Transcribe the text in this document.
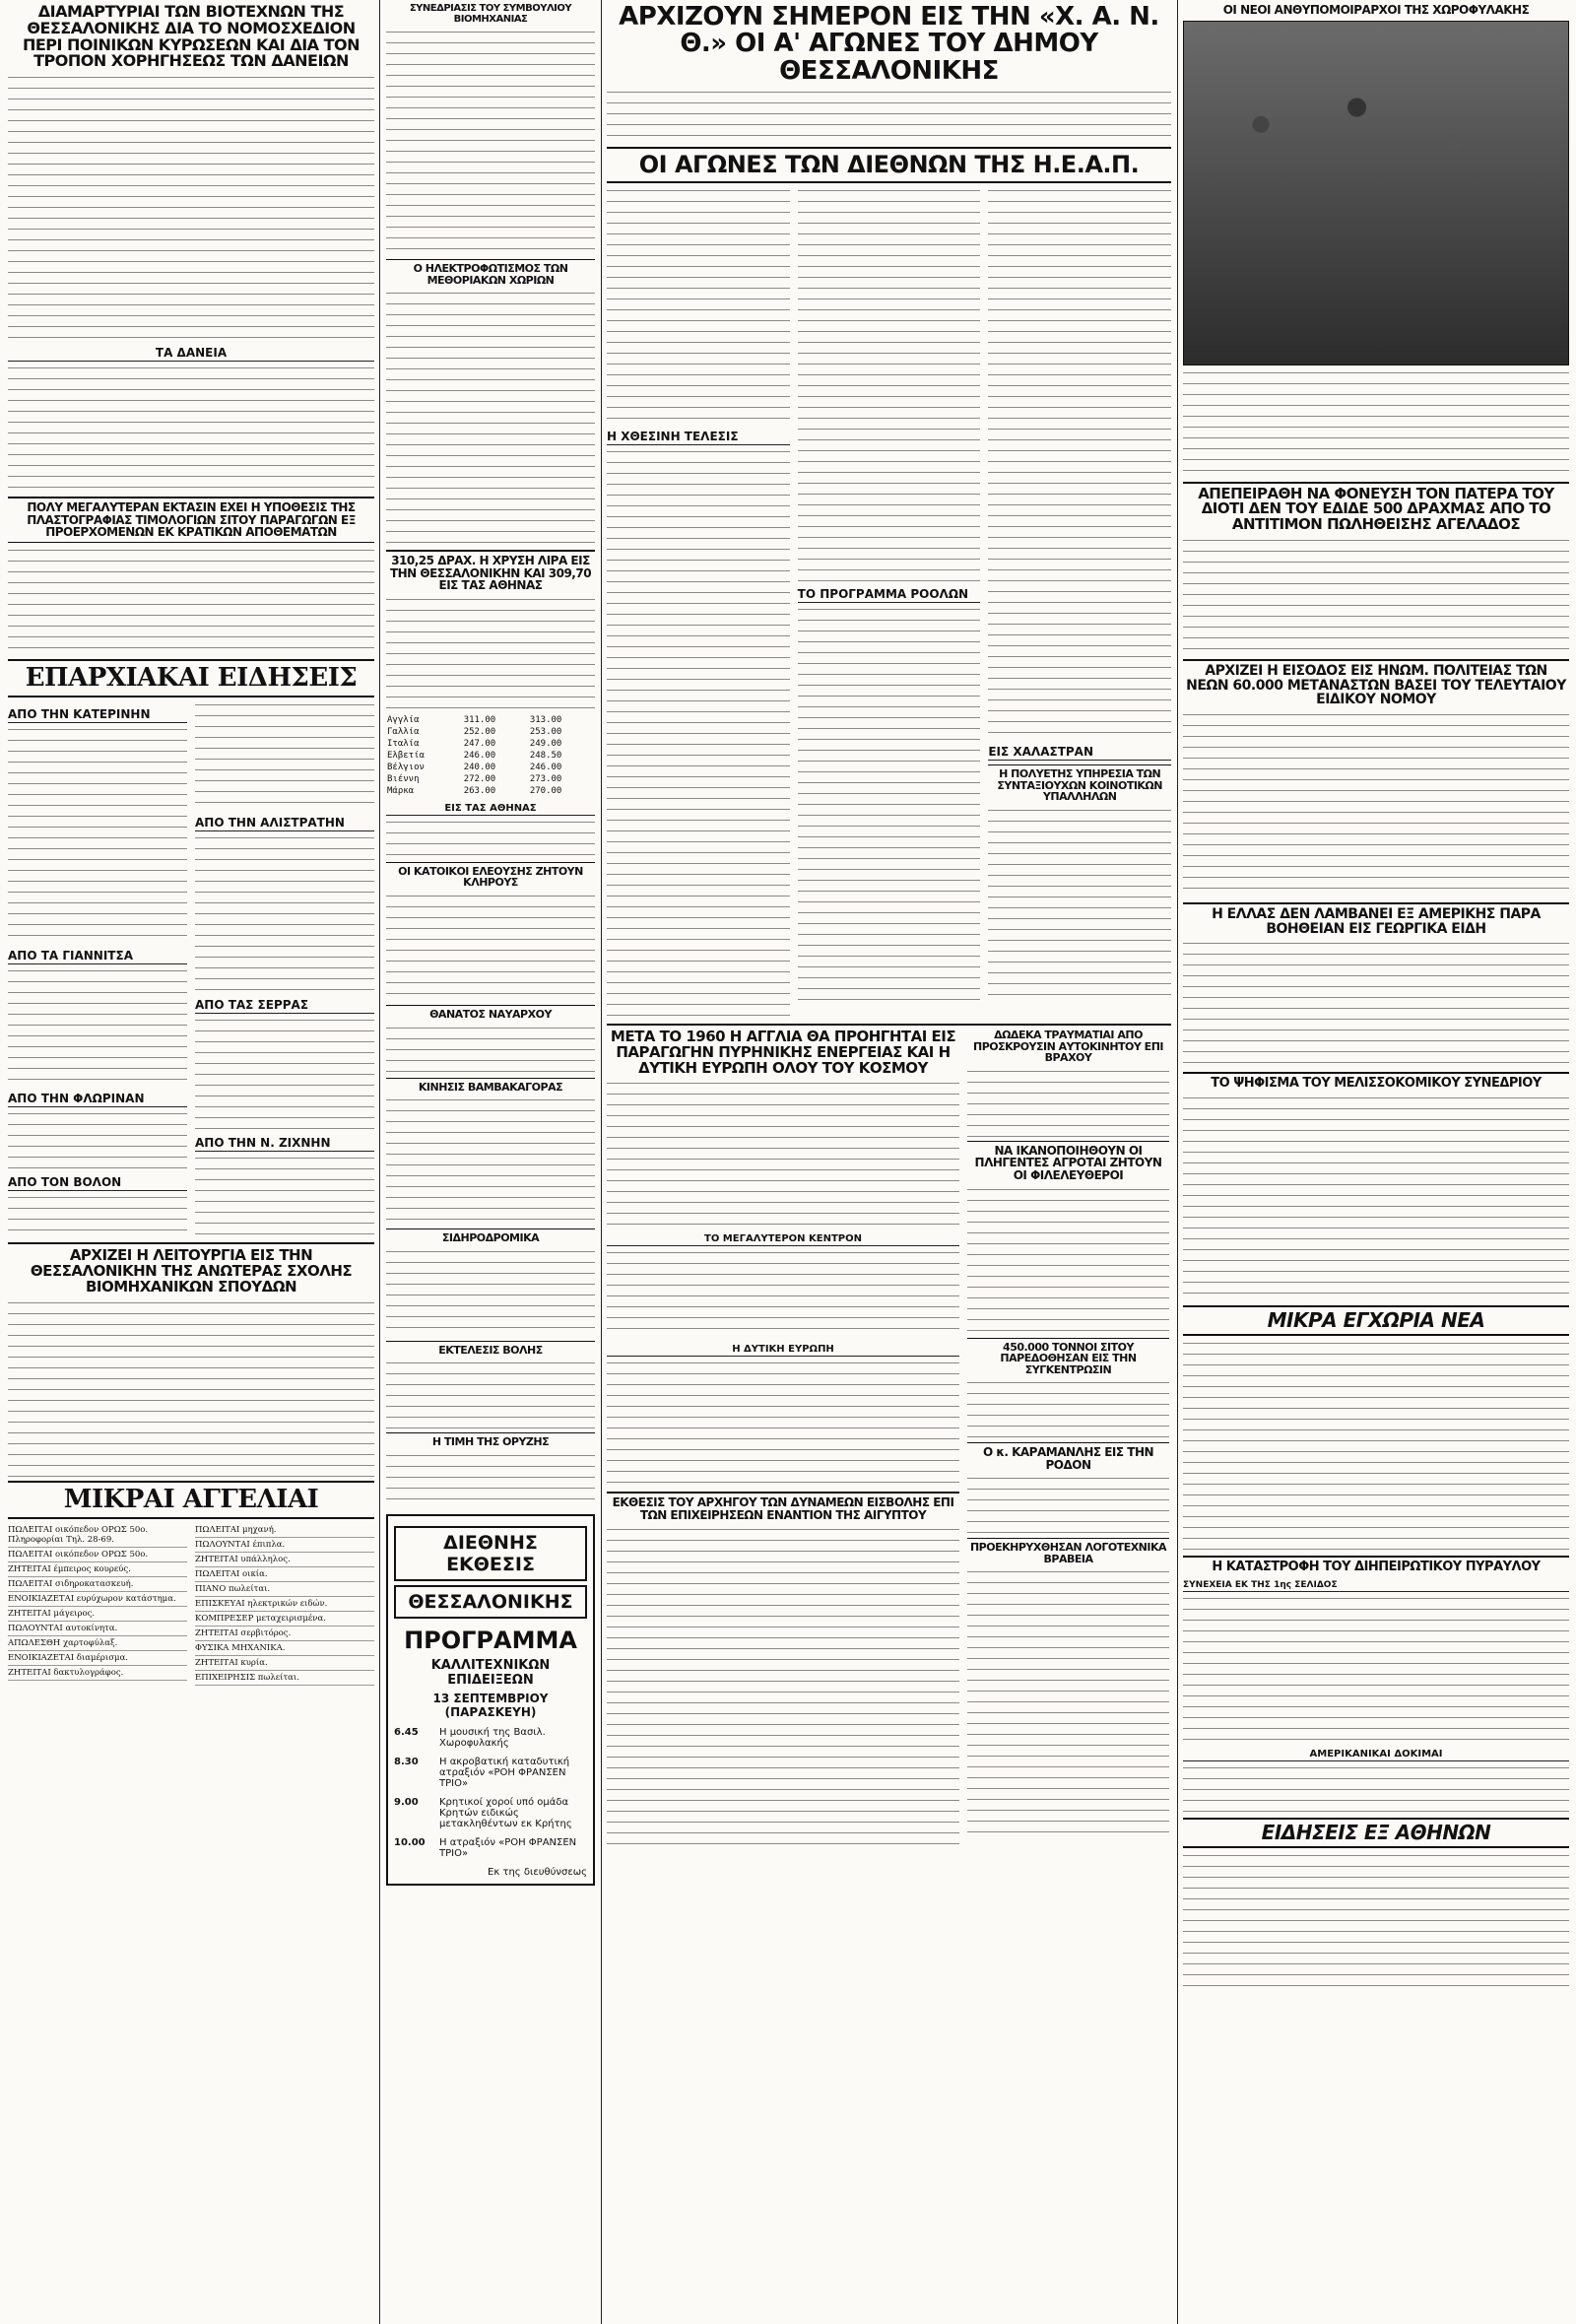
ΔΙΑΜΑΡΤΥΡΙΑΙ ΤΩΝ ΒΙΟΤΕΧΝΩΝ ΤΗΣ ΘΕΣΣΑΛΟΝΙΚΗΣ ΔΙΑ ΤΟ ΝΟΜΟΣΧΕΔΙΟΝ ΠΕΡΙ ΠΟΙΝΙΚΩΝ ΚΥΡΩΣΕΩΝ ΚΑΙ ΔΙΑ ΤΟΝ ΤΡΟΠΟΝ ΧΟΡΗΓΗΣΕΩΣ ΤΩΝ ΔΑΝΕΙΩΝ
ΤΑ ΔΑΝΕΙΑ
ΠΟΛΥ ΜΕΓΑΛΥΤΕΡΑΝ ΕΚΤΑΣΙΝ ΕΧΕΙ Η ΥΠΟΘΕΣΙΣ ΤΗΣ ΠΛΑΣΤΟΓΡΑΦΙΑΣ ΤΙΜΟΛΟΓΙΩΝ ΣΙΤΟΥ ΠΑΡΑΓΩΓΩΝ ΕΞ ΠΡΟΕΡΧΟΜΕΝΩΝ ΕΚ ΚΡΑΤΙΚΩΝ ΑΠΟΘΕΜΑΤΩΝ
ΕΠΑΡΧΙΑΚΑΙ ΕΙΔΗΣΕΙΣ
ΑΠΟ ΤΗΝ ΚΑΤΕΡΙΝΗΝ
ΑΠΟ ΤΑ ΓΙΑΝΝΙΤΣΑ
ΑΠΟ ΤΗΝ ΦΛΩΡΙΝΑΝ
ΑΠΟ ΤΟΝ ΒΟΛΟΝ
ΑΠΟ ΤΗΝ ΑΛΙΣΤΡΑΤΗΝ
ΑΠΟ ΤΑΣ ΣΕΡΡΑΣ
ΑΠΟ ΤΗΝ Ν. ΖΙΧΝΗΝ
ΑΡΧΙΖΕΙ Η ΛΕΙΤΟΥΡΓΙΑ ΕΙΣ ΤΗΝ ΘΕΣΣΑΛΟΝΙΚΗΝ ΤΗΣ ΑΝΩΤΕΡΑΣ ΣΧΟΛΗΣ ΒΙΟΜΗΧΑΝΙΚΩΝ ΣΠΟΥΔΩΝ
ΜΙΚΡΑΙ ΑΓΓΕΛΙΑΙ

ΠΩΛΕΙΤΑΙ οικόπεδον ΟΡΩΣ 50ο. Πληροφορίαι Τηλ. 28-69.

ΠΩΛΕΙΤΑΙ οικόπεδον ΟΡΩΣ 50ο.

ΖΗΤΕΙΤΑΙ έμπειρος κουρεύς.

ΠΩΛΕΙΤΑΙ σιδηροκατασκευή.

ΕΝΟΙΚΙΑΖΕΤΑΙ ευρύχωρον κατάστημα.

ΖΗΤΕΙΤΑΙ μάγειρος.

ΠΩΛΟΥΝΤΑΙ αυτοκίνητα.

ΑΠΩΛΕΣΘΗ χαρτοφύλαξ.

ΕΝΟΙΚΙΑΖΕΤΑΙ διαμέρισμα.

ΖΗΤΕΙΤΑΙ δακτυλογράφος.

ΠΩΛΕΙΤΑΙ μηχανή.

ΠΩΛΟΥΝΤΑΙ έπιπλα.

ΖΗΤΕΙΤΑΙ υπάλληλος.

ΠΩΛΕΙΤΑΙ οικία.

ΠΙΑΝΟ πωλείται.

ΕΠΙΣΚΕΥΑΙ ηλεκτρικών ειδών.

ΚΟΜΠΡΕΣΕΡ μεταχειρισμένα.

ΖΗΤΕΙΤΑΙ σερβιτόρος.

ΦΥΣΙΚΑ ΜΗΧΑΝΙΚΑ.

ΖΗΤΕΙΤΑΙ κυρία.

ΕΠΙΧΕΙΡΗΣΙΣ πωλείται.

ΣΥΝΕΔΡΙΑΣΙΣ ΤΟΥ ΣΥΜΒΟΥΛΙΟΥ ΒΙΟΜΗΧΑΝΙΑΣ
Ο ΗΛΕΚΤΡΟΦΩΤΙΣΜΟΣ ΤΩΝ ΜΕΘΟΡΙΑΚΩΝ ΧΩΡΙΩΝ
310,25 ΔΡΑΧ. Η ΧΡΥΣΗ ΛΙΡΑ ΕΙΣ ΤΗΝ ΘΕΣΣΑΛΟΝΙΚΗΝ ΚΑΙ 309,70 ΕΙΣ ΤΑΣ ΑΘΗΝΑΣ
Αγγλία	311.00	313.00
Γαλλία	252.00	253.00
Ιταλία	247.00	249.00
Ελβετία	246.00	248.50
Βέλγιον	240.00	246.00
Βιέννη	272.00	273.00
Μάρκα	263.00	270.00
ΕΙΣ ΤΑΣ ΑΘΗΝΑΣ
ΟΙ ΚΑΤΟΙΚΟΙ ΕΛΕΟΥΣΗΣ ΖΗΤΟΥΝ ΚΛΗΡΟΥΣ
ΘΑΝΑΤΟΣ ΝΑΥΑΡΧΟΥ
ΚΙΝΗΣΙΣ ΒΑΜΒΑΚΑΓΟΡΑΣ
ΣΙΔΗΡΟΔΡΟΜΙΚΑ
ΕΚΤΕΛΕΣΙΣ ΒΟΛΗΣ
Η ΤΙΜΗ ΤΗΣ ΟΡΥΖΗΣ
ΔΙΕΘΝΗΣ ΕΚΘΕΣΙΣ
ΘΕΣΣΑΛΟΝΙΚΗΣ
ΠΡΟΓΡΑΜΜΑ
ΚΑΛΛΙΤΕΧΝΙΚΩΝ ΕΠΙΔΕΙΞΕΩΝ
13 ΣΕΠΤΕΜΒΡΙΟΥ (ΠΑΡΑΣΚΕΥΗ)
6.45	Η μουσική της Βασιλ. Χωροφυλακής
8.30	Η ακροβατική καταδυτική ατραξιόν «ΡΟΗ ΦΡΑΝΣΕΝ ΤΡΙΟ»
9.00	Κρητικοί χοροί υπό ομάδα Κρητών ειδικώς μετακληθέντων εκ Κρήτης
10.00	Η ατραξιόν «ΡΟΗ ΦΡΑΝΣΕΝ ΤΡΙΟ»
Εκ της διευθύνσεως
ΑΡΧΙΖΟΥΝ ΣΗΜΕΡΟΝ ΕΙΣ ΤΗΝ «Χ. Α. Ν. Θ.» ΟΙ Α' ΑΓΩΝΕΣ ΤΟΥ ΔΗΜΟΥ ΘΕΣΣΑΛΟΝΙΚΗΣ
ΟΙ ΑΓΩΝΕΣ ΤΩΝ ΔΙΕΘΝΩΝ ΤΗΣ Η.Ε.Α.Π.
Η ΧΘΕΣΙΝΗ ΤΕΛΕΣΙΣ
ΤΟ ΠΡΟΓΡΑΜΜΑ ΡΟΟΛΩΝ
ΕΙΣ ΧΑΛΑΣΤΡΑΝ
Η ΠΟΛΥΕΤΗΣ ΥΠΗΡΕΣΙΑ ΤΩΝ ΣΥΝΤΑΞΙΟΥΧΩΝ ΚΟΙΝΟΤΙΚΩΝ ΥΠΑΛΛΗΛΩΝ
ΜΕΤΑ ΤΟ 1960 Η ΑΓΓΛΙΑ ΘΑ ΠΡΟΗΓΗΤΑΙ ΕΙΣ ΠΑΡΑΓΩΓΗΝ ΠΥΡΗΝΙΚΗΣ ΕΝΕΡΓΕΙΑΣ ΚΑΙ Η ΔΥΤΙΚΗ ΕΥΡΩΠΗ ΟΛΟΥ ΤΟΥ ΚΟΣΜΟΥ
ΤΟ ΜΕΓΑΛΥΤΕΡΟΝ ΚΕΝΤΡΟΝ
Η ΔΥΤΙΚΗ ΕΥΡΩΠΗ
ΕΚΘΕΣΙΣ ΤΟΥ ΑΡΧΗΓΟΥ ΤΩΝ ΔΥΝΑΜΕΩΝ ΕΙΣΒΟΛΗΣ ΕΠΙ ΤΩΝ ΕΠΙΧΕΙΡΗΣΕΩΝ ΕΝΑΝΤΙΟΝ ΤΗΣ ΑΙΓΥΠΤΟΥ
ΔΩΔΕΚΑ ΤΡΑΥΜΑΤΙΑΙ ΑΠΟ ΠΡΟΣΚΡΟΥΣΙΝ ΑΥΤΟΚΙΝΗΤΟΥ ΕΠΙ ΒΡΑΧΟΥ
ΝΑ ΙΚΑΝΟΠΟΙΗΘΟΥΝ ΟΙ ΠΛΗΓΕΝΤΕΣ ΑΓΡΟΤΑΙ ΖΗΤΟΥΝ ΟΙ ΦΙΛΕΛΕΥΘΕΡΟΙ
450.000 ΤΟΝΝΟΙ ΣΙΤΟΥ ΠΑΡΕΔΟΘΗΣΑΝ ΕΙΣ ΤΗΝ ΣΥΓΚΕΝΤΡΩΣΙΝ
Ο κ. ΚΑΡΑΜΑΝΛΗΣ ΕΙΣ ΤΗΝ ΡΟΔΟΝ
ΠΡΟΕΚΗΡΥΧΘΗΣΑΝ ΛΟΓΟΤΕΧΝΙΚΑ ΒΡΑΒΕΙΑ
ΟΙ ΝΕΟΙ ΑΝΘΥΠΟΜΟΙΡΑΡΧΟΙ ΤΗΣ ΧΩΡΟΦΥΛΑΚΗΣ
ΑΠΕΠΕΙΡΑΘΗ ΝΑ ΦΟΝΕΥΣΗ ΤΟΝ ΠΑΤΕΡΑ ΤΟΥ ΔΙΟΤΙ ΔΕΝ ΤΟΥ ΕΔΙΔΕ 500 ΔΡΑΧΜΑΣ ΑΠΟ ΤΟ ΑΝΤΙΤΙΜΟΝ ΠΩΛΗΘΕΙΣΗΣ ΑΓΕΛΑΔΟΣ
ΑΡΧΙΖΕΙ Η ΕΙΣΟΔΟΣ ΕΙΣ ΗΝΩΜ. ΠΟΛΙΤΕΙΑΣ ΤΩΝ ΝΕΩΝ 60.000 ΜΕΤΑΝΑΣΤΩΝ ΒΑΣΕΙ ΤΟΥ ΤΕΛΕΥΤΑΙΟΥ ΕΙΔΙΚΟΥ ΝΟΜΟΥ
Η ΕΛΛΑΣ ΔΕΝ ΛΑΜΒΑΝΕΙ ΕΞ ΑΜΕΡΙΚΗΣ ΠΑΡΑ ΒΟΗΘΕΙΑΝ ΕΙΣ ΓΕΩΡΓΙΚΑ ΕΙΔΗ
ΤΟ ΨΗΦΙΣΜΑ ΤΟΥ ΜΕΛΙΣΣΟΚΟΜΙΚΟΥ ΣΥΝΕΔΡΙΟΥ
ΜΙΚΡΑ ΕΓΧΩΡΙΑ ΝΕΑ
Η ΚΑΤΑΣΤΡΟΦΗ ΤΟΥ ΔΙΗΠΕΙΡΩΤΙΚΟΥ ΠΥΡΑΥΛΟΥ
ΣΥΝΕΧΕΙΑ ΕΚ ΤΗΣ 1ης ΣΕΛΙΔΟΣ
ΑΜΕΡΙΚΑΝΙΚΑΙ ΔΟΚΙΜΑΙ
ΕΙΔΗΣΕΙΣ ΕΞ ΑΘΗΝΩΝ
